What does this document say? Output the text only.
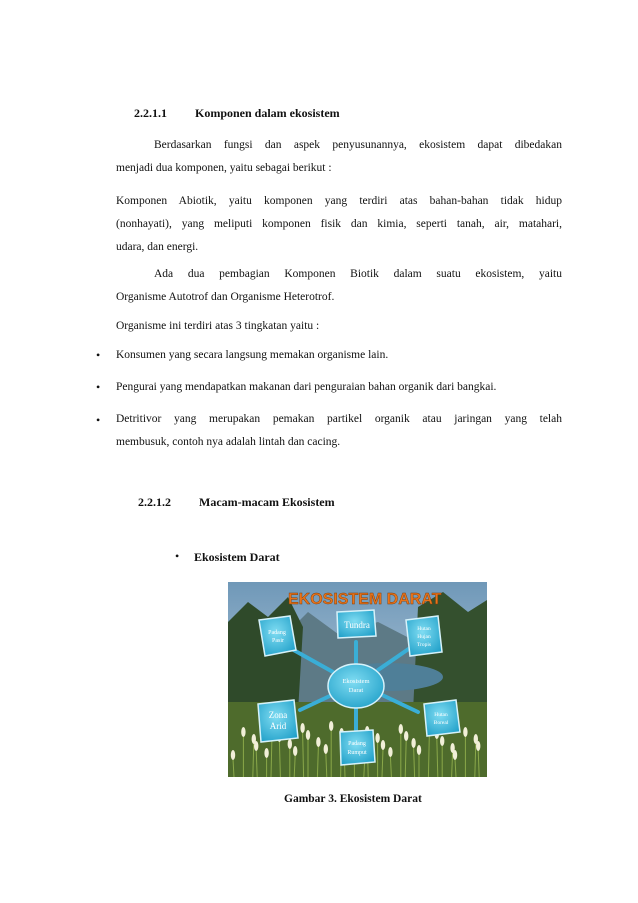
2.2.1.1 Komponen dalam ekosistem
Berdasarkan fungsi dan aspek penyusunannya, ekosistem dapat dibedakan
menjadi dua komponen, yaitu sebagai berikut :
Komponen Abiotik, yaitu komponen yang terdiri atas bahan-bahan tidak hidup
(nonhayati), yang meliputi komponen fisik dan kimia, seperti tanah, air, matahari,
udara, dan energi.
Ada dua pembagian Komponen Biotik dalam suatu ekosistem, yaitu
Organisme Autotrof dan Organisme Heterotrof.
Organisme ini terdiri atas 3 tingkatan yaitu :
• Konsumen yang secara langsung memakan organisme lain.
• Pengurai yang mendapatkan makanan dari penguraian bahan organik dari bangkai.
• Detritivor yang merupakan pemakan partikel organik atau jaringan yang telah
membusuk, contoh nya adalah lintah dan cacing.
2.2.1.2 Macam-macam Ekosistem
• Ekosistem Darat
EKOSISTEM DARAT
Padang
Pasir
Tundra	Hutan
Hujan
Tropis
Ekosistem
Darat
Zona
Arid
Padang
Rumput
Hutan
Boreal
Gambar 3. Ekosistem Darat
